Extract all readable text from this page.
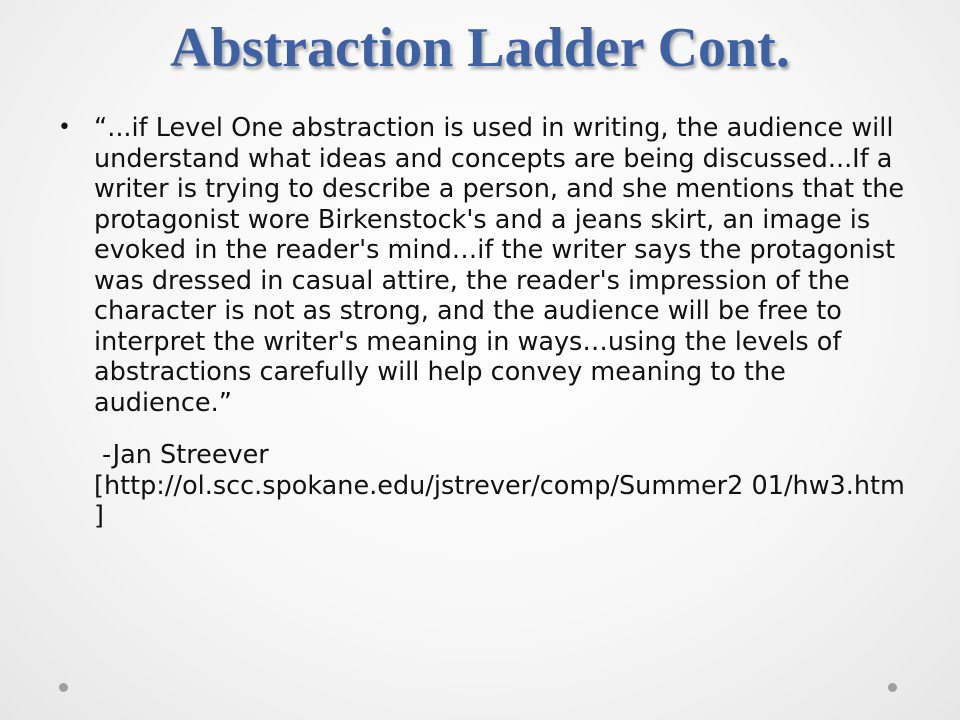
Abstraction Ladder Cont.
• “...if Level One abstraction is used in writing, the audience will understand what ideas and concepts are being discussed...If a writer is trying to describe a person, and she mentions that the protagonist wore Birkenstock's and a jeans skirt, an image is evoked in the reader's mind…if the writer says the protagonist was dressed in casual attire, the reader's impression of the character is not as strong, and the audience will be free to interpret the writer's meaning in ways…using the levels of abstractions carefully will help convey meaning to the audience.”
-Jan Streever
[http://ol.scc.spokane.edu/jstrever/comp/Summer2 01/hw3.htm ]
